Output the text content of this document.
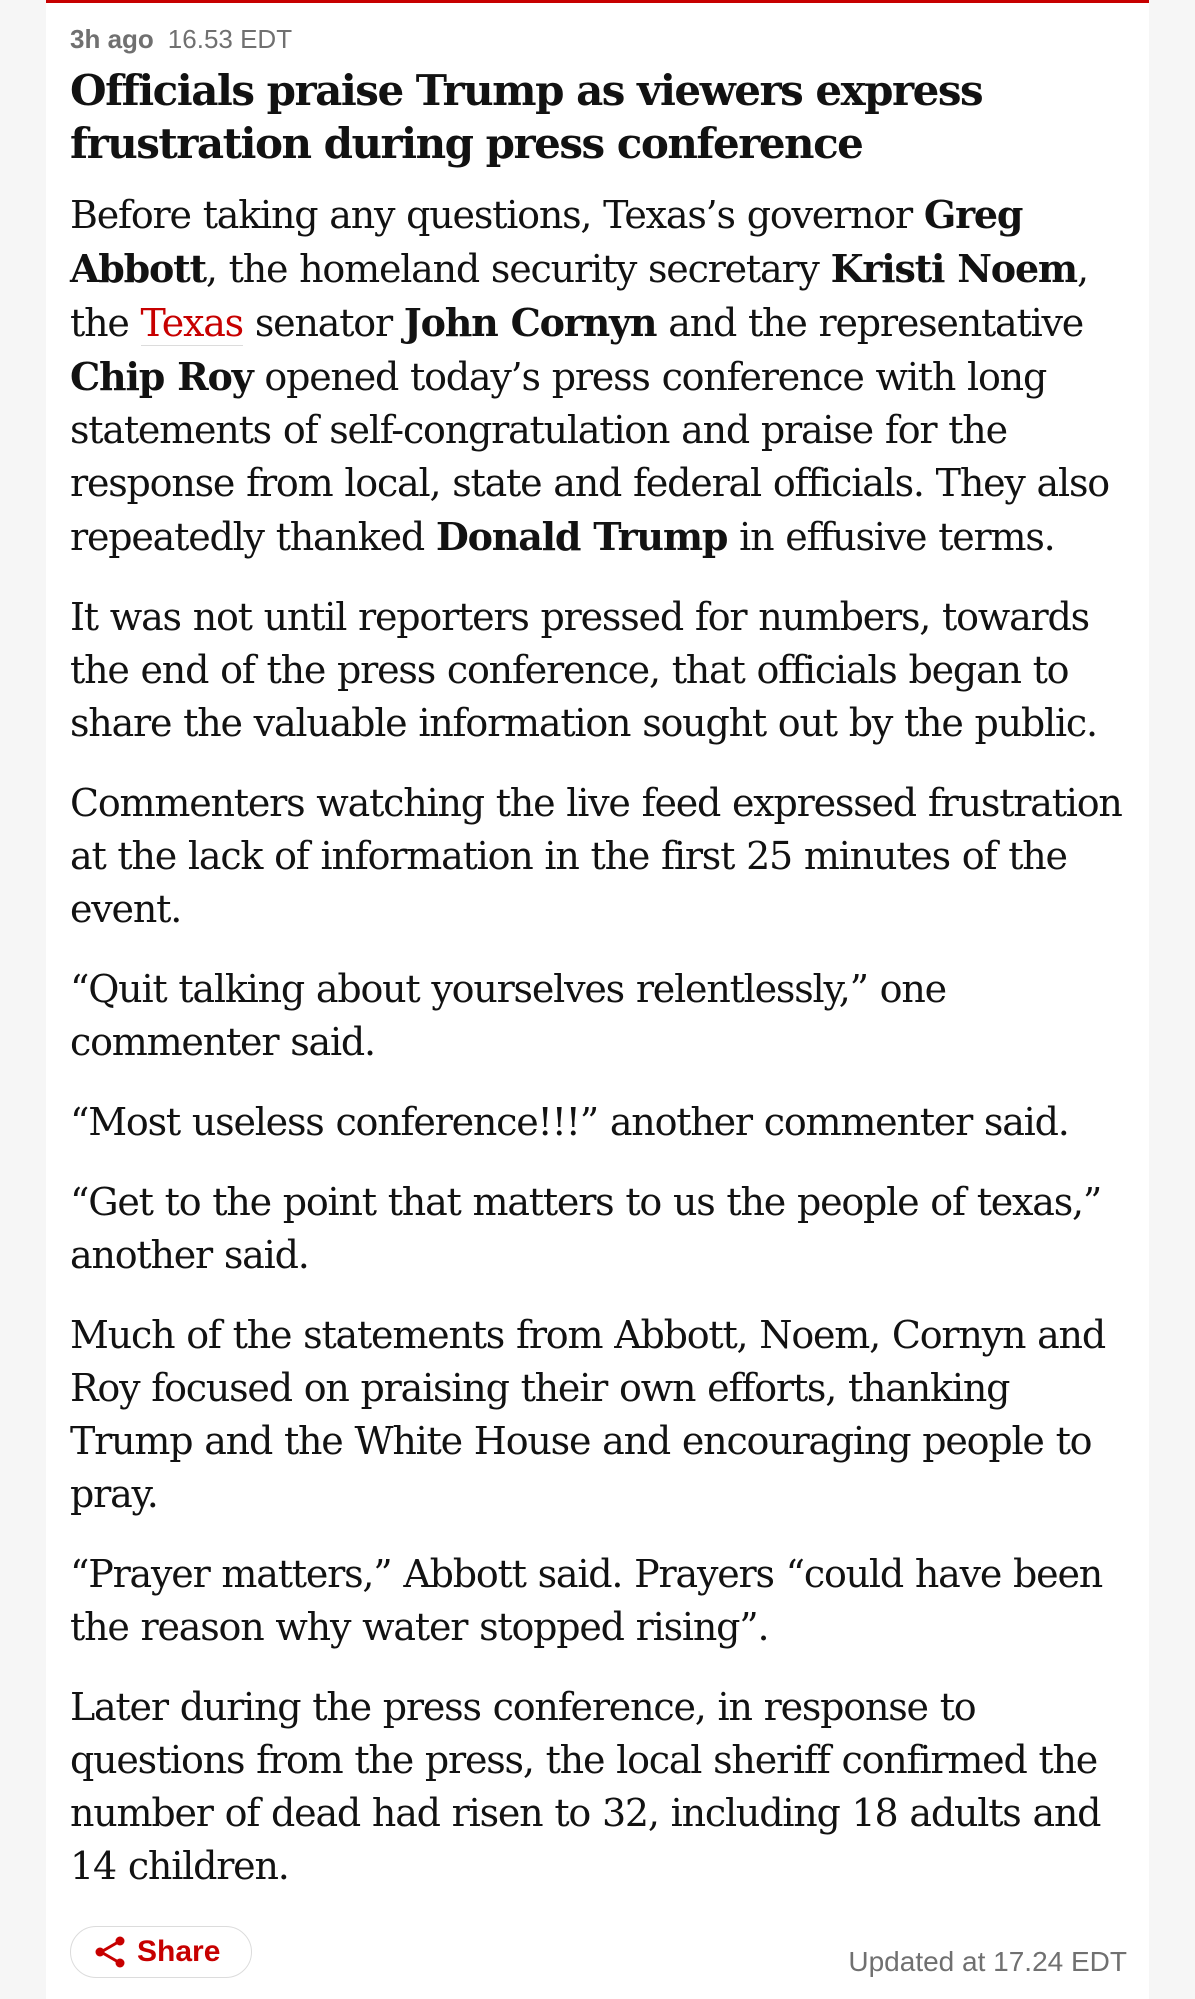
3h ago 16.53 EDT
Officials praise Trump as viewers express frustration during press conference

Before taking any questions, Texas’s governor Greg Abbott, the homeland security secretary Kristi Noem, the Texas senator John Cornyn and the representative Chip Roy opened today’s press conference with long statements of self-congratulation and praise for the response from local, state and federal officials. They also repeatedly thanked Donald Trump in effusive terms.

It was not until reporters pressed for numbers, towards the end of the press conference, that officials began to share the valuable information sought out by the public.

Commenters watching the live feed expressed frustration at the lack of information in the first 25 minutes of the event.

“Quit talking about yourselves relentlessly,” one commenter said.

“Most useless conference!!!” another commenter said.

“Get to the point that matters to us the people of texas,” another said.

Much of the statements from Abbott, Noem, Cornyn and Roy focused on praising their own efforts, thanking Trump and the White House and encouraging people to pray.

“Prayer matters,” Abbott said. Prayers “could have been the reason why water stopped rising”.

Later during the press conference, in response to questions from the press, the local sheriff confirmed the number of dead had risen to 32, including 18 adults and 14 children.

Share	Updated at 17.24 EDT
